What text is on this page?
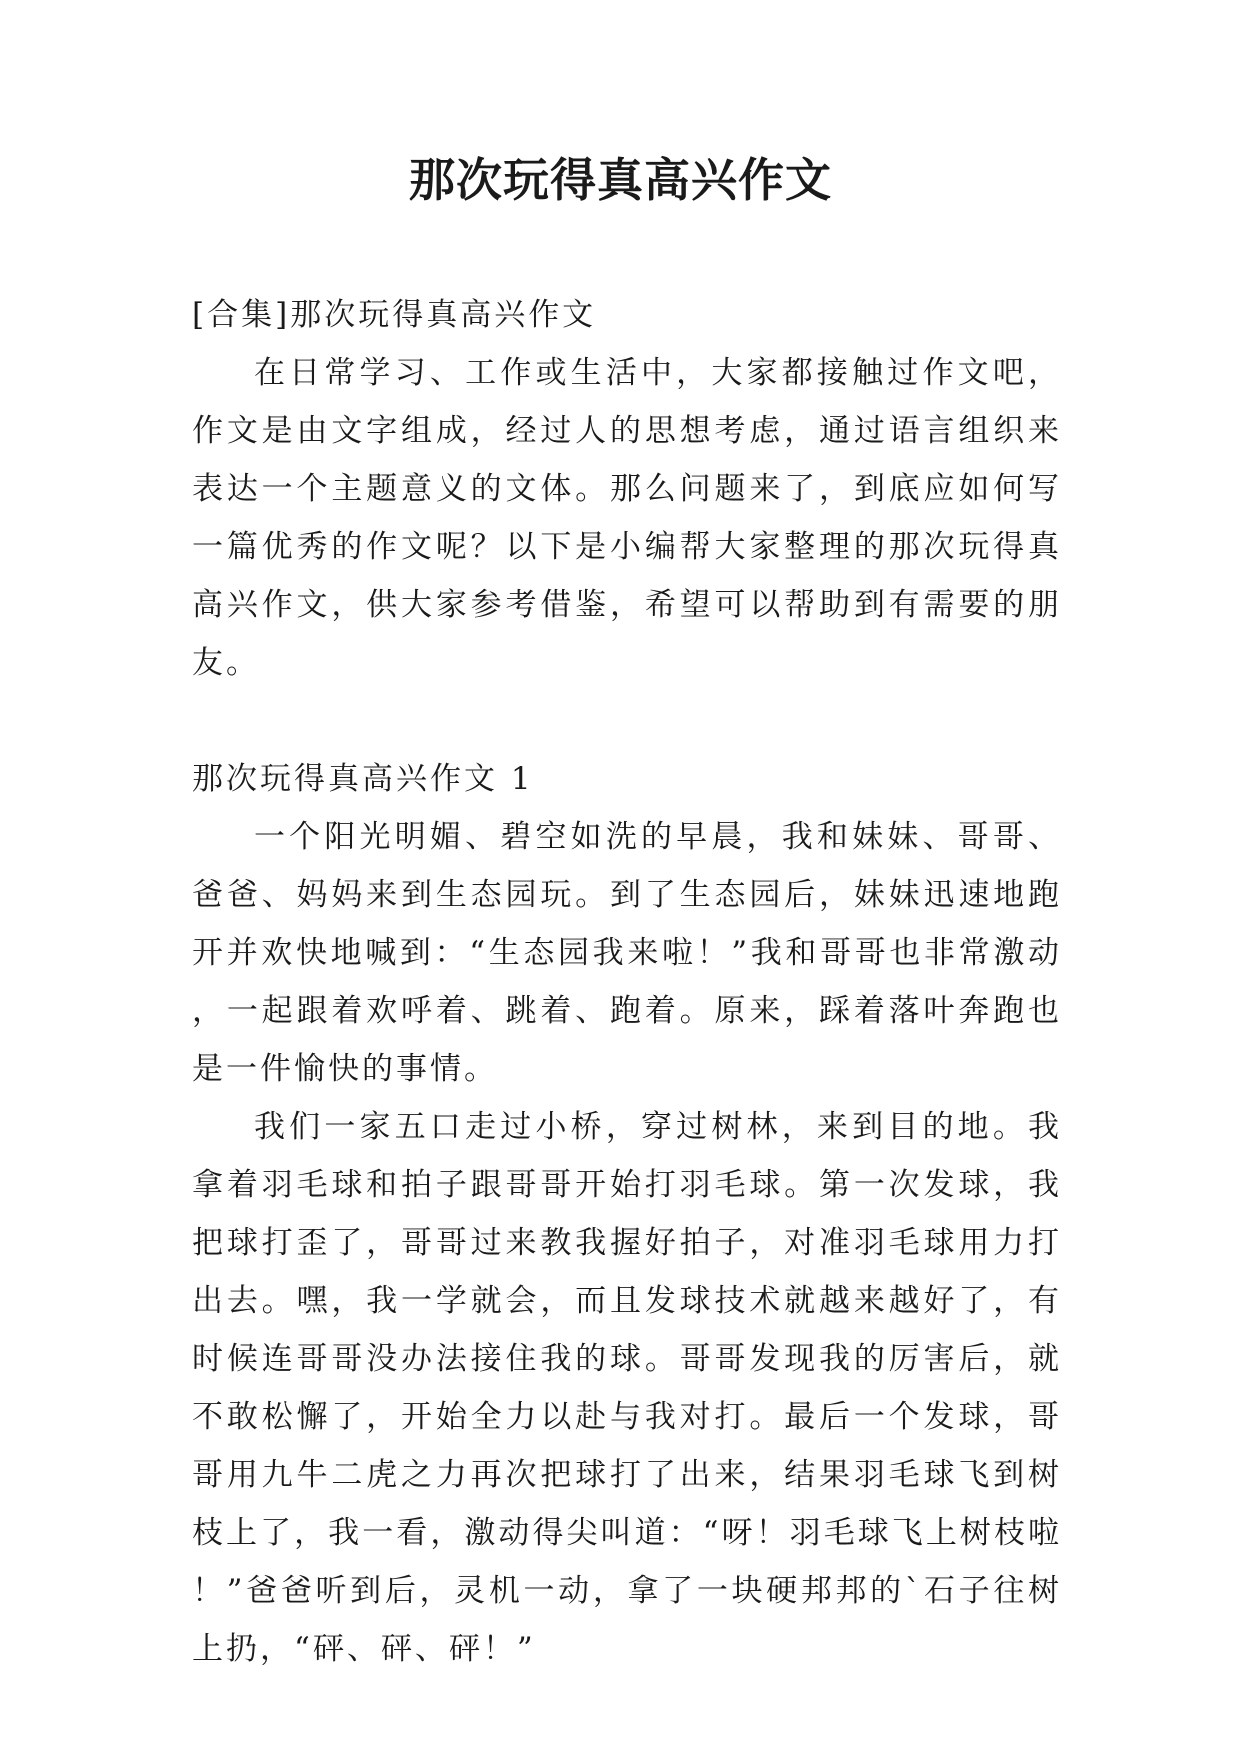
那次玩得真高兴作文

[合集]那次玩得真高兴作文

在日常学习、工作或生活中，大家都接触过作文吧，作文是由文字组成，经过人的思想考虑，通过语言组织来表达一个主题意义的文体。那么问题来了，到底应如何写一篇优秀的作文呢？以下是小编帮大家整理的那次玩得真高兴作文，供大家参考借鉴，希望可以帮助到有需要的朋友。

那次玩得真高兴作文 1

一个阳光明媚、碧空如洗的早晨，我和妹妹、哥哥、爸爸、妈妈来到生态园玩。到了生态园后，妹妹迅速地跑开并欢快地喊到：“生态园我来啦！”我和哥哥也非常激动，一起跟着欢呼着、跳着、跑着。原来，踩着落叶奔跑也是一件愉快的事情。

我们一家五口走过小桥，穿过树林，来到目的地。我拿着羽毛球和拍子跟哥哥开始打羽毛球。第一次发球，我把球打歪了，哥哥过来教我握好拍子，对准羽毛球用力打出去。嘿，我一学就会，而且发球技术就越来越好了，有时候连哥哥没办法接住我的球。哥哥发现我的厉害后，就不敢松懈了，开始全力以赴与我对打。最后一个发球，哥哥用九牛二虎之力再次把球打了出来，结果羽毛球飞到树枝上了，我一看，激动得尖叫道：“呀！羽毛球飞上树枝啦！”爸爸听到后，灵机一动，拿了一块硬邦邦的`石子往树上扔，“砰、砰、砰！”
